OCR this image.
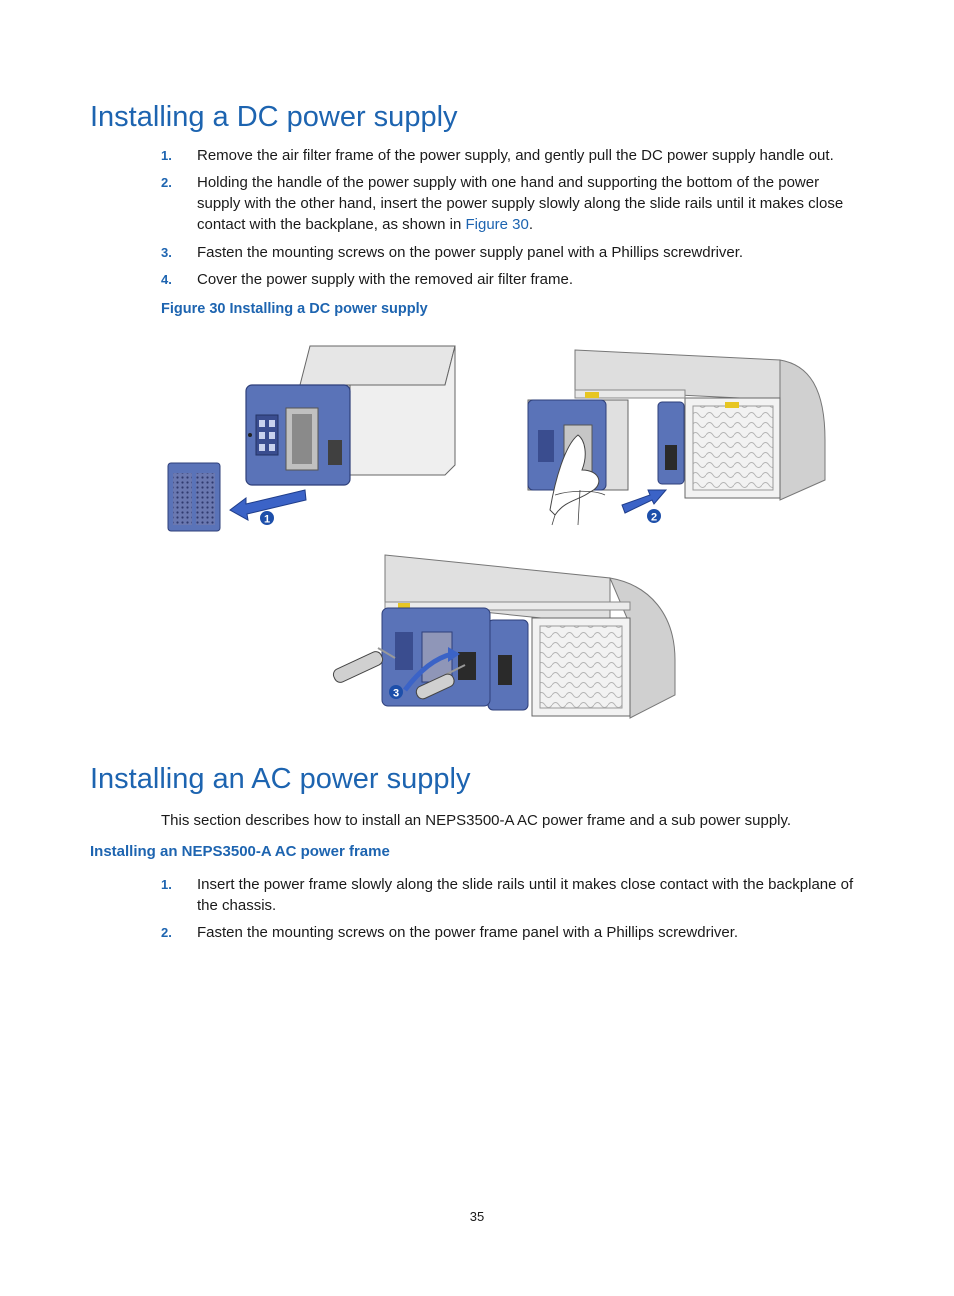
Installing a DC power supply
1. Remove the air filter frame of the power supply, and gently pull the DC power supply handle out.
2. Holding the handle of the power supply with one hand and supporting the bottom of the power supply with the other hand, insert the power supply slowly along the slide rails until it makes close contact with the backplane, as shown in Figure 30.
3. Fasten the mounting screws on the power supply panel with a Phillips screwdriver.
4. Cover the power supply with the removed air filter frame.
Figure 30 Installing a DC power supply
1	2
3
Installing an AC power supply
This section describes how to install an NEPS3500-A AC power frame and a sub power supply.
Installing an NEPS3500-A AC power frame
1. Insert the power frame slowly along the slide rails until it makes close contact with the backplane of the chassis.
2. Fasten the mounting screws on the power frame panel with a Phillips screwdriver.
35
